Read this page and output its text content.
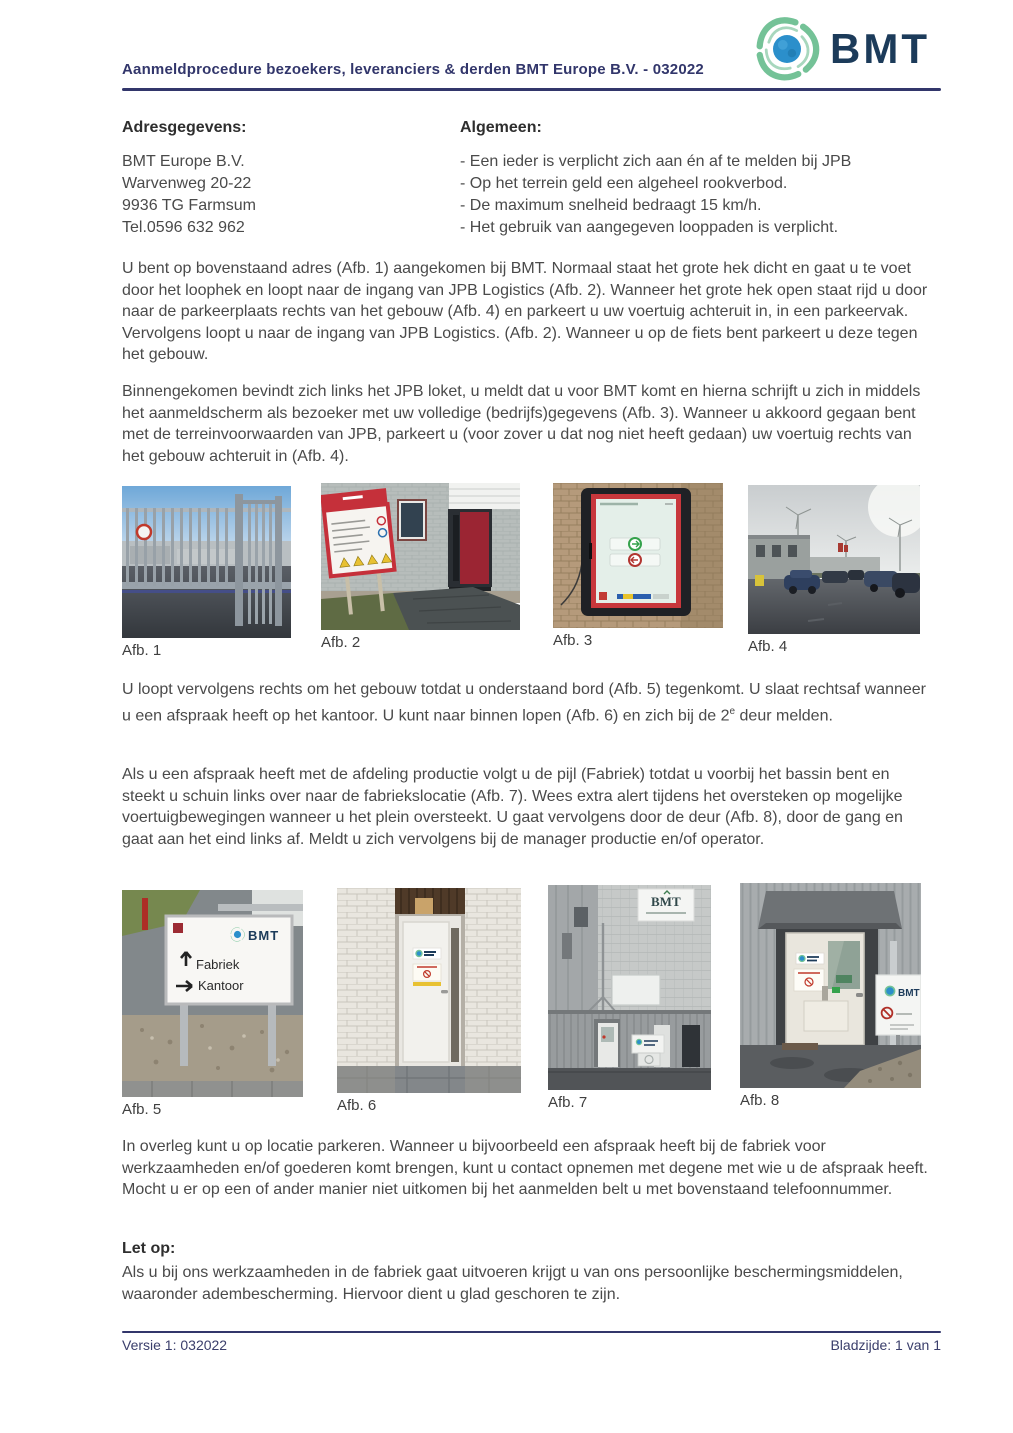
Aanmeldprocedure bezoekers, leveranciers & derden BMT Europe B.V. - 032022	BMT
Adresgegevens:
BMT Europe B.V.
Warvenweg 20-22
9936 TG Farmsum
Tel.0596 632 962
Algemeen:
- Een ieder is verplicht zich aan én af te melden bij JPB
- Op het terrein geld een algeheel rookverbod.
- De maximum snelheid bedraagt 15 km/h.
- Het gebruik van aangegeven looppaden is verplicht.
U bent op bovenstaand adres (Afb. 1) aangekomen bij BMT. Normaal staat het grote hek dicht en gaat u te voet door het loophek en loopt naar de ingang van JPB Logistics (Afb. 2). Wanneer het grote hek open staat rijd u door naar de parkeerplaats rechts van het gebouw (Afb. 4) en parkeert u uw voertuig achteruit in, in een parkeervak. Vervolgens loopt u naar de ingang van JPB Logistics. (Afb. 2). Wanneer u op de fiets bent parkeert u deze tegen het gebouw.
Binnengekomen bevindt zich links het JPB loket, u meldt dat u voor BMT komt en hierna schrijft u zich in middels het aanmeldscherm als bezoeker met uw volledige (bedrijfs)gegevens (Afb. 3). Wanneer u akkoord gegaan bent met de terreinvoorwaarden van JPB, parkeert u (voor zover u dat nog niet heeft gedaan) uw voertuig rechts van het gebouw achteruit in (Afb. 4).
Afb. 1	Afb. 2	Afb. 3	Afb. 4
U loopt vervolgens rechts om het gebouw totdat u onderstaand bord (Afb. 5) tegenkomt. U slaat rechtsaf wanneer u een afspraak heeft op het kantoor. U kunt naar binnen lopen (Afb. 6) en zich bij de 2e deur melden.
Als u een afspraak heeft met de afdeling productie volgt u de pijl (Fabriek) totdat u voorbij het bassin bent en steekt u schuin links over naar de fabriekslocatie (Afb. 7). Wees extra alert tijdens het oversteken op mogelijke voertuigbewegingen wanneer u het plein oversteekt. U gaat vervolgens door de deur (Afb. 8), door de gang en gaat aan het eind links af. Meldt u zich vervolgens bij de manager productie en/of operator.
BMT
Fabriek
Kantoor
Afb. 5	Afb. 6
BMT
Afb. 7
BMT
Afb. 8
In overleg kunt u op locatie parkeren. Wanneer u bijvoorbeeld een afspraak heeft bij de fabriek voor werkzaamheden en/of goederen komt brengen, kunt u contact opnemen met degene met wie u de afspraak heeft. Mocht u er op een of ander manier niet uitkomen bij het aanmelden belt u met bovenstaand telefoonnummer.
Let op:
Als u bij ons werkzaamheden in de fabriek gaat uitvoeren krijgt u van ons persoonlijke beschermingsmiddelen, waaronder adembescherming. Hiervoor dient u glad geschoren te zijn.
Versie 1: 032022	Bladzijde: 1 van 1
